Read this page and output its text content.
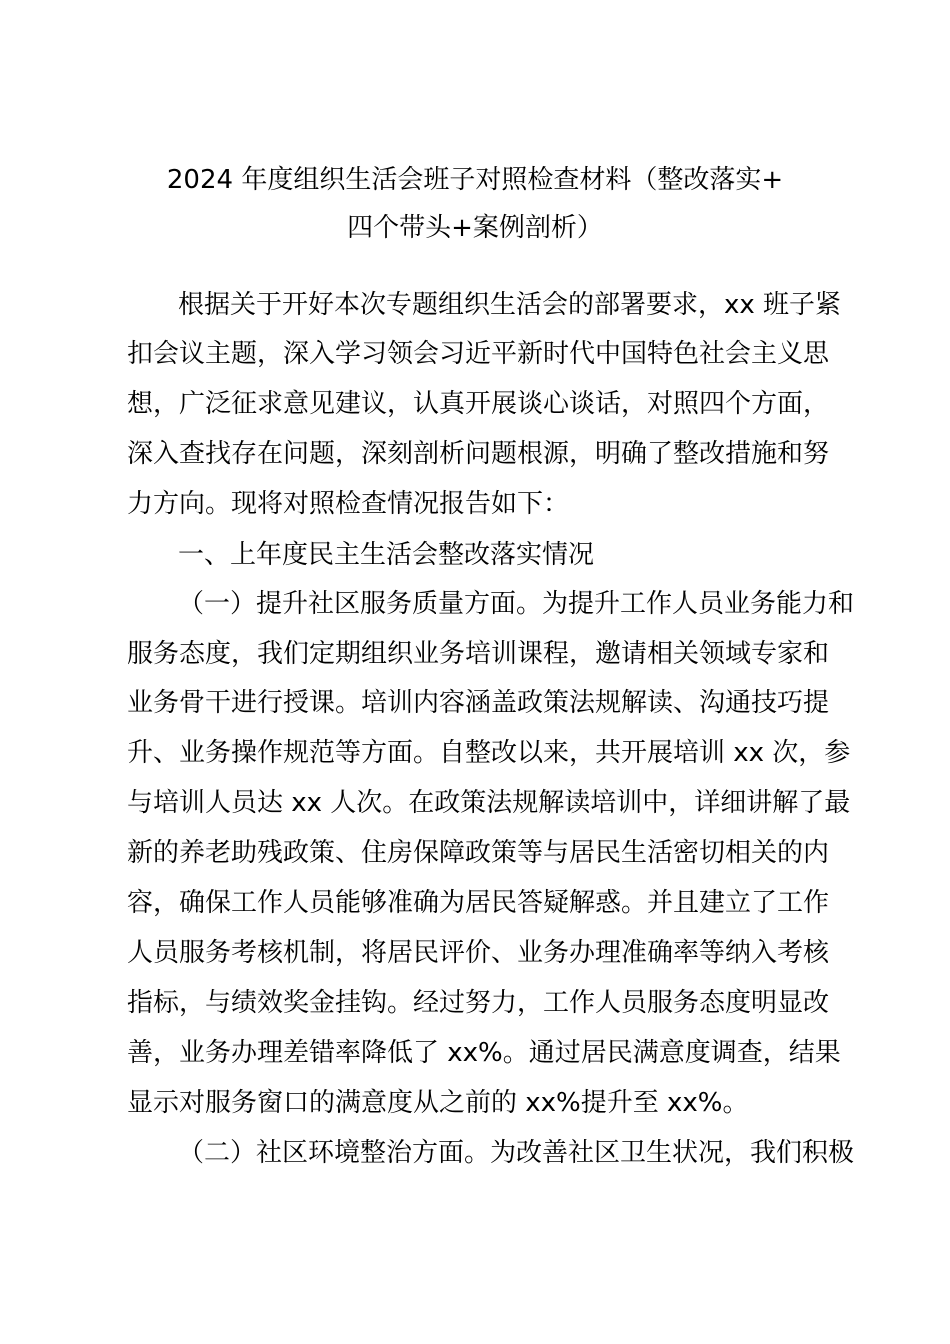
2024 年度组织生活会班子对照检查材料（整改落实+
四个带头+案例剖析）

根据关于开好本次专题组织生活会的部署要求，xx 班子紧

扣会议主题，深入学习领会习近平新时代中国特色社会主义思

想，广泛征求意见建议，认真开展谈心谈话，对照四个方面，

深入查找存在问题，深刻剖析问题根源，明确了整改措施和努

力方向。现将对照检查情况报告如下：

一、上年度民主生活会整改落实情况

（一）提升社区服务质量方面。为提升工作人员业务能力和

服务态度，我们定期组织业务培训课程，邀请相关领域专家和

业务骨干进行授课。培训内容涵盖政策法规解读、沟通技巧提

升、业务操作规范等方面。自整改以来，共开展培训 xx 次，参

与培训人员达 xx 人次。在政策法规解读培训中，详细讲解了最

新的养老助残政策、住房保障政策等与居民生活密切相关的内

容，确保工作人员能够准确为居民答疑解惑。并且建立了工作

人员服务考核机制，将居民评价、业务办理准确率等纳入考核

指标，与绩效奖金挂钩。经过努力，工作人员服务态度明显改

善，业务办理差错率降低了 xx%。通过居民满意度调查，结果

显示对服务窗口的满意度从之前的 xx%提升至 xx%。

（二）社区环境整治方面。为改善社区卫生状况，我们积极
